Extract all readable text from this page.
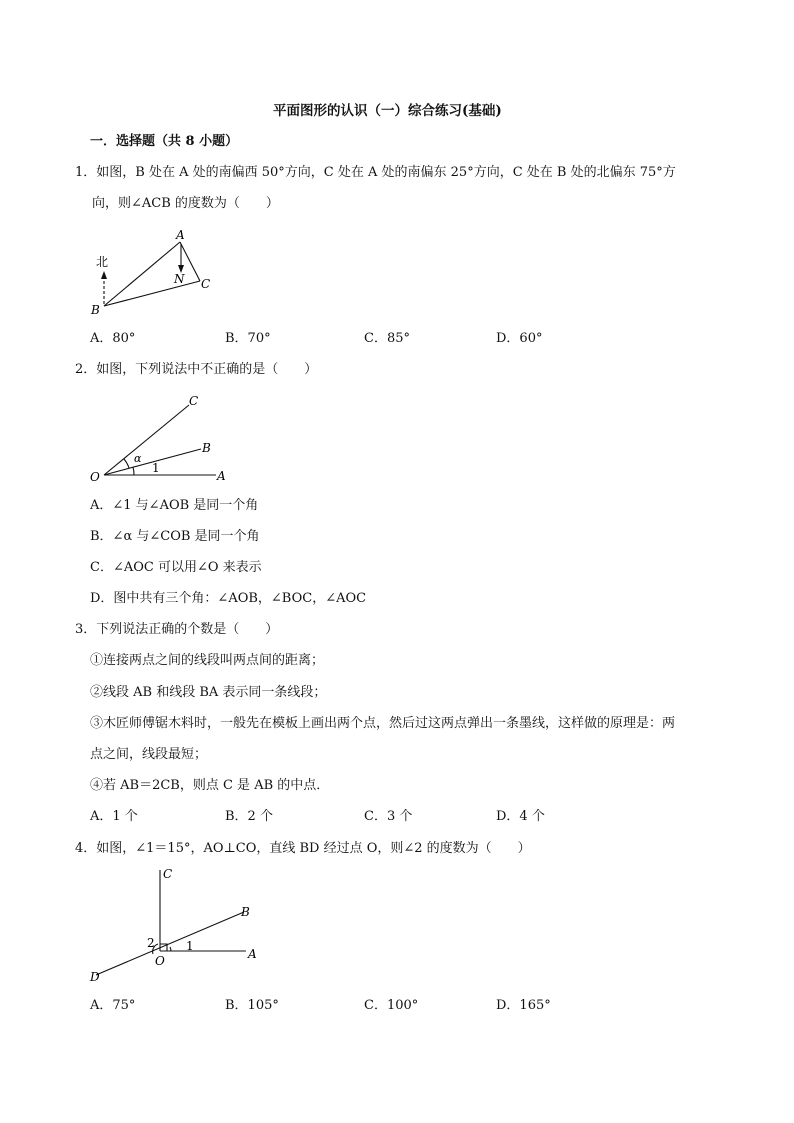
平面图形的认识（一）综合练习(基础)
一．选择题（共 8 小题）
1．如图，B 处在 A 处的南偏西 50°方向，C 处在 A 处的南偏东 25°方向，C 处在 B 处的北偏东 75°方
向，则∠ACB 的度数为（　　）
北
A
B
C
N
O	A
B
C
α
1
C
B
A
D
O
2	1
A．80°	B．70°	C．85°	D．60°
2．如图，下列说法中不正确的是（　　）
A．∠1 与∠AOB 是同一个角
B．∠α 与∠COB 是同一个角
C．∠AOC 可以用∠O 来表示
D．图中共有三个角：∠AOB，∠BOC，∠AOC
3．下列说法正确的个数是（　　）
①连接两点之间的线段叫两点间的距离；
②线段 AB 和线段 BA 表示同一条线段；
③木匠师傅锯木料时，一般先在模板上画出两个点，然后过这两点弹出一条墨线，这样做的原理是：两
点之间，线段最短；
④若 AB＝2CB，则点 C 是 AB 的中点．
A．1 个	B．2 个	C．3 个	D．4 个
4．如图，∠1＝15°，AO⊥CO，直线 BD 经过点 O，则∠2 的度数为（　　）
A．75°	B．105°	C．100°	D．165°
